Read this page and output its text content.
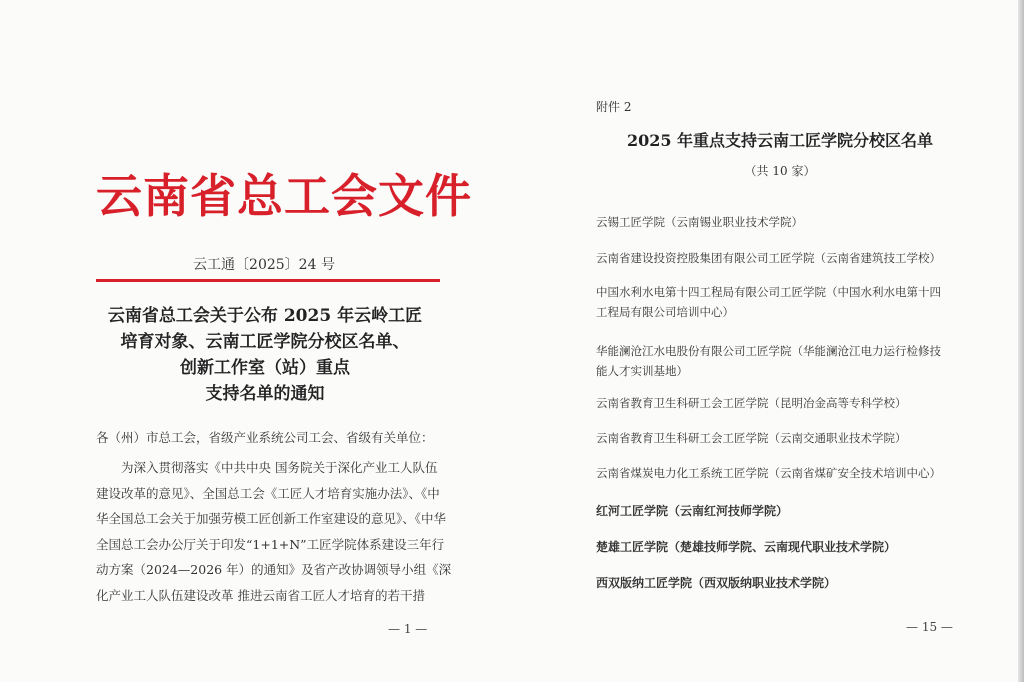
云南省总工会文件
云工通〔2025〕24 号
云南省总工会关于公布 2025 年云岭工匠
培育对象、云南工匠学院分校区名单、
创新工作室（站）重点
支持名单的通知
各（州）市总工会，省级产业系统公司工会、省级有关单位：
　　为深入贯彻落实《中共中央 国务院关于深化产业工人队伍
建设改革的意见》、全国总工会《工匠人才培育实施办法》、《中
华全国总工会关于加强劳模工匠创新工作室建设的意见》、《中华
全国总工会办公厅关于印发“1+1+N”工匠学院体系建设三年行
动方案（2024—2026 年）的通知》及省产改协调领导小组《深
化产业工人队伍建设改革 推进云南省工匠人才培育的若干措
— 1 —
附件 2
2025 年重点支持云南工匠学院分校区名单
（共 10 家）
云锡工匠学院（云南锡业职业技术学院）
云南省建设投资控股集团有限公司工匠学院（云南省建筑技工学校）
中国水利水电第十四工程局有限公司工匠学院（中国水利水电第十四
工程局有限公司培训中心）
华能澜沧江水电股份有限公司工匠学院（华能澜沧江电力运行检修技
能人才实训基地）
云南省教育卫生科研工会工匠学院（昆明冶金高等专科学校）
云南省教育卫生科研工会工匠学院（云南交通职业技术学院）
云南省煤炭电力化工系统工匠学院（云南省煤矿安全技术培训中心）
红河工匠学院（云南红河技师学院）
楚雄工匠学院（楚雄技师学院、云南现代职业技术学院）
西双版纳工匠学院（西双版纳职业技术学院）
— 15 —
